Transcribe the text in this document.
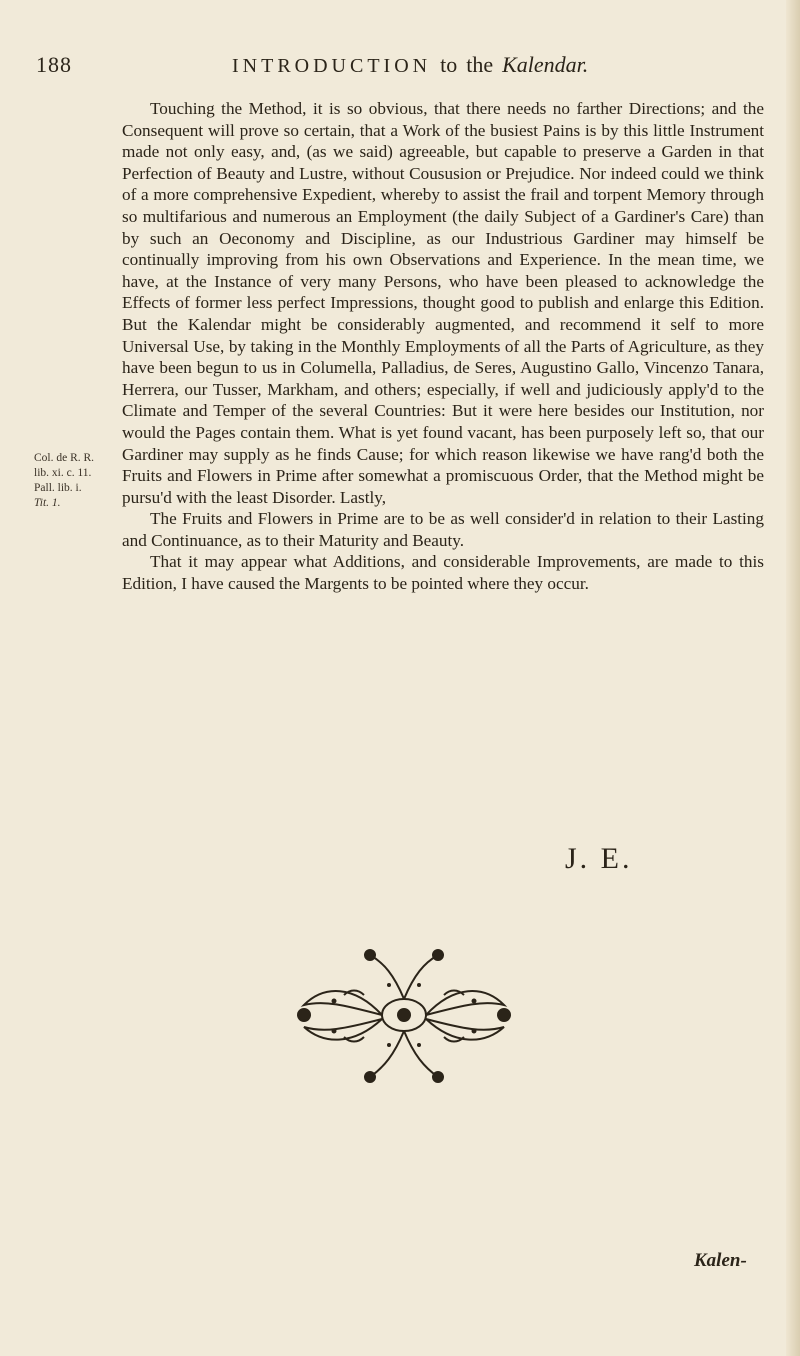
188	INTRODUCTION to the Kalendar.
Col. de R. R.
lib. xi. c. 11.
Pall. lib. i.
Tit. 1.

Touching the Method, it is so obvious, that there needs no farther Directions; and the Consequent will prove so certain, that a Work of the busiest Pains is by this little Instrument made not only easy, and, (as we said) agreeable, but capable to preserve a Garden in that Perfection of Beauty and Lustre, without Coususion or Prejudice. Nor indeed could we think of a more comprehensive Expedient, whereby to assist the frail and torpent Memory through so multifarious and numerous an Employment (the daily Subject of a Gardiner's Care) than by such an Oeconomy and Discipline, as our Industrious Gardiner may himself be continually improving from his own Observations and Experience. In the mean time, we have, at the Instance of very many Persons, who have been pleased to acknowledge the Effects of former less perfect Impressions, thought good to publish and enlarge this Edition. But the Kalendar might be considerably augmented, and recommend it self to more Universal Use, by taking in the Monthly Employments of all the Parts of Agriculture, as they have been begun to us in Columella, Palladius, de Seres, Augustino Gallo, Vincenzo Tanara, Herrera, our Tusser, Markham, and others; especially, if well and judiciously apply'd to the Climate and Temper of the several Countries: But it were here besides our Institution, nor would the Pages contain them. What is yet found vacant, has been purposely left so, that our Gardiner may supply as he finds Cause; for which reason likewise we have rang'd both the Fruits and Flowers in Prime after somewhat a promiscuous Order, that the Method might be pursu'd with the least Disorder. Lastly,

The Fruits and Flowers in Prime are to be as well consider'd in relation to their Lasting and Continuance, as to their Maturity and Beauty.

That it may appear what Additions, and considerable Improvements, are made to this Edition, I have caused the Margents to be pointed where they occur.

J. E.
Kalen-
